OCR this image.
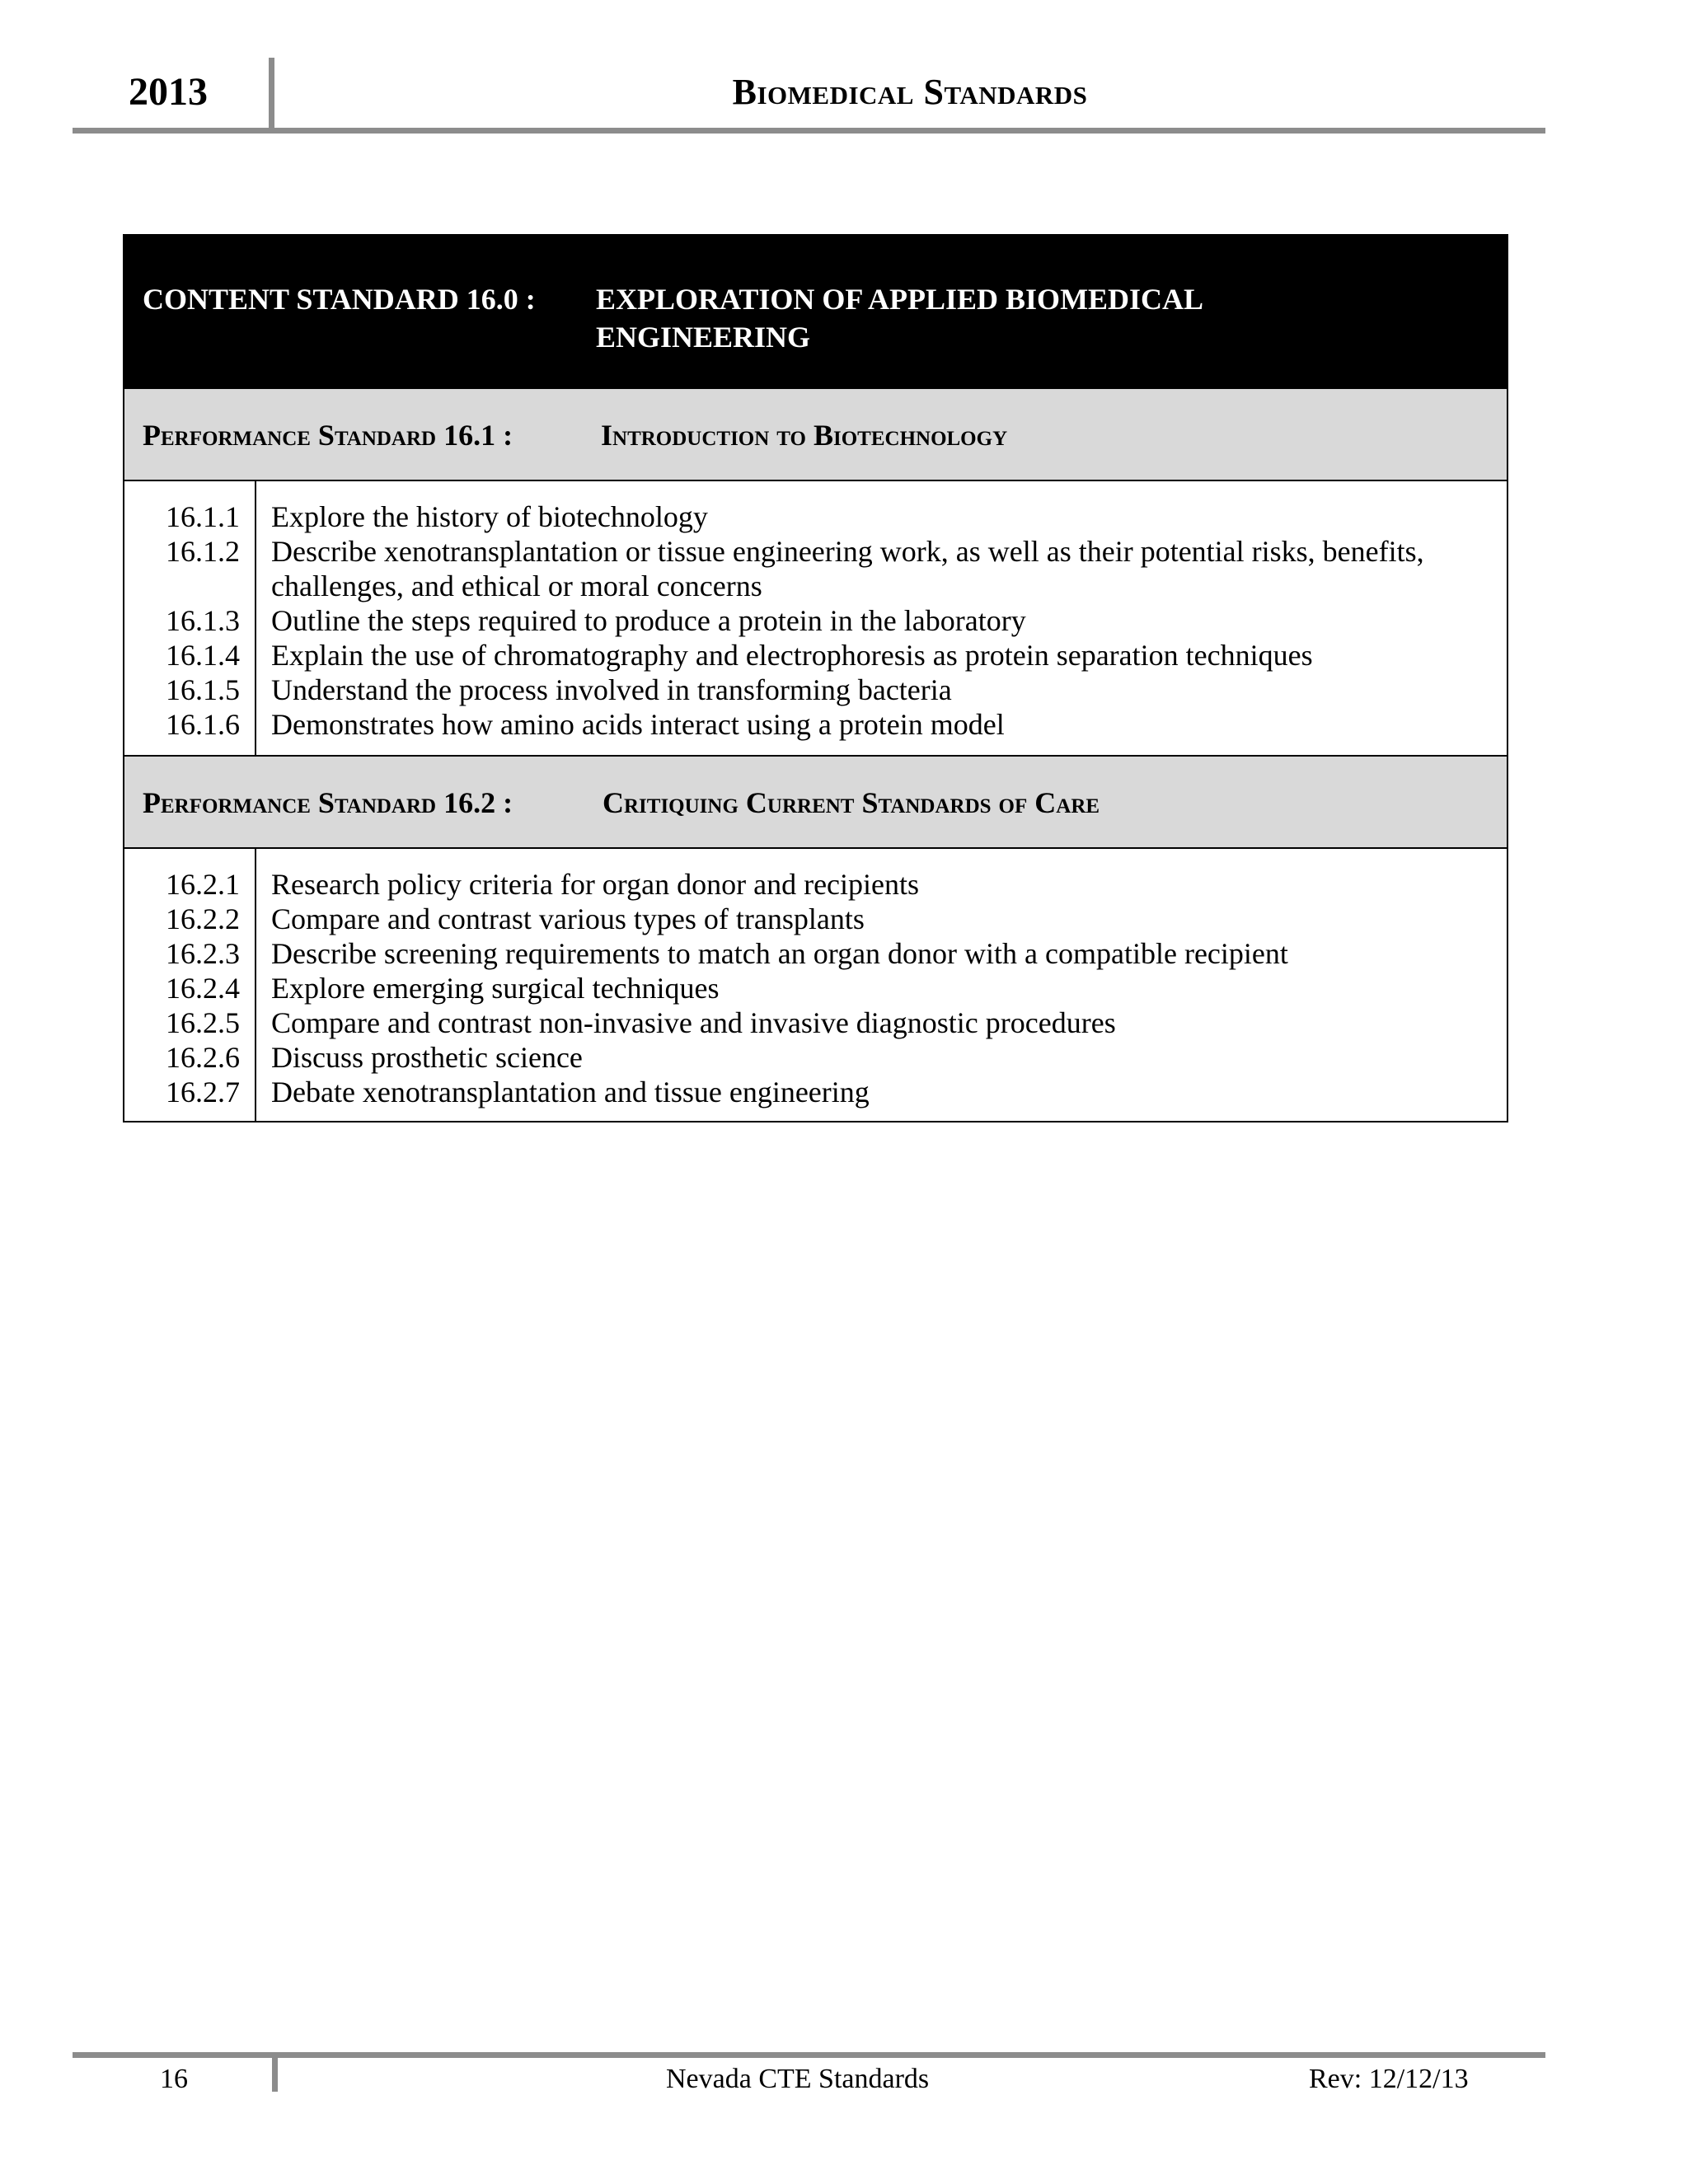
2013	Biomedical Standards
CONTENT STANDARD 16.0 : EXPLORATION OF APPLIED BIOMEDICAL ENGINEERING
Performance Standard 16.1 :	Introduction to Biotechnology
16.1.1 Explore the history of biotechnology
16.1.2 Describe xenotransplantation or tissue engineering work, as well as their potential risks, benefits, challenges, and ethical or moral concerns
16.1.3 Outline the steps required to produce a protein in the laboratory
16.1.4 Explain the use of chromatography and electrophoresis as protein separation techniques
16.1.5 Understand the process involved in transforming bacteria
16.1.6 Demonstrates how amino acids interact using a protein model
Performance Standard 16.2 :	Critiquing Current Standards of Care
16.2.1 Research policy criteria for organ donor and recipients
16.2.2 Compare and contrast various types of transplants
16.2.3 Describe screening requirements to match an organ donor with a compatible recipient
16.2.4 Explore emerging surgical techniques
16.2.5 Compare and contrast non-invasive and invasive diagnostic procedures
16.2.6 Discuss prosthetic science
16.2.7 Debate xenotransplantation and tissue engineering
16	Nevada CTE Standards	Rev: 12/12/13
